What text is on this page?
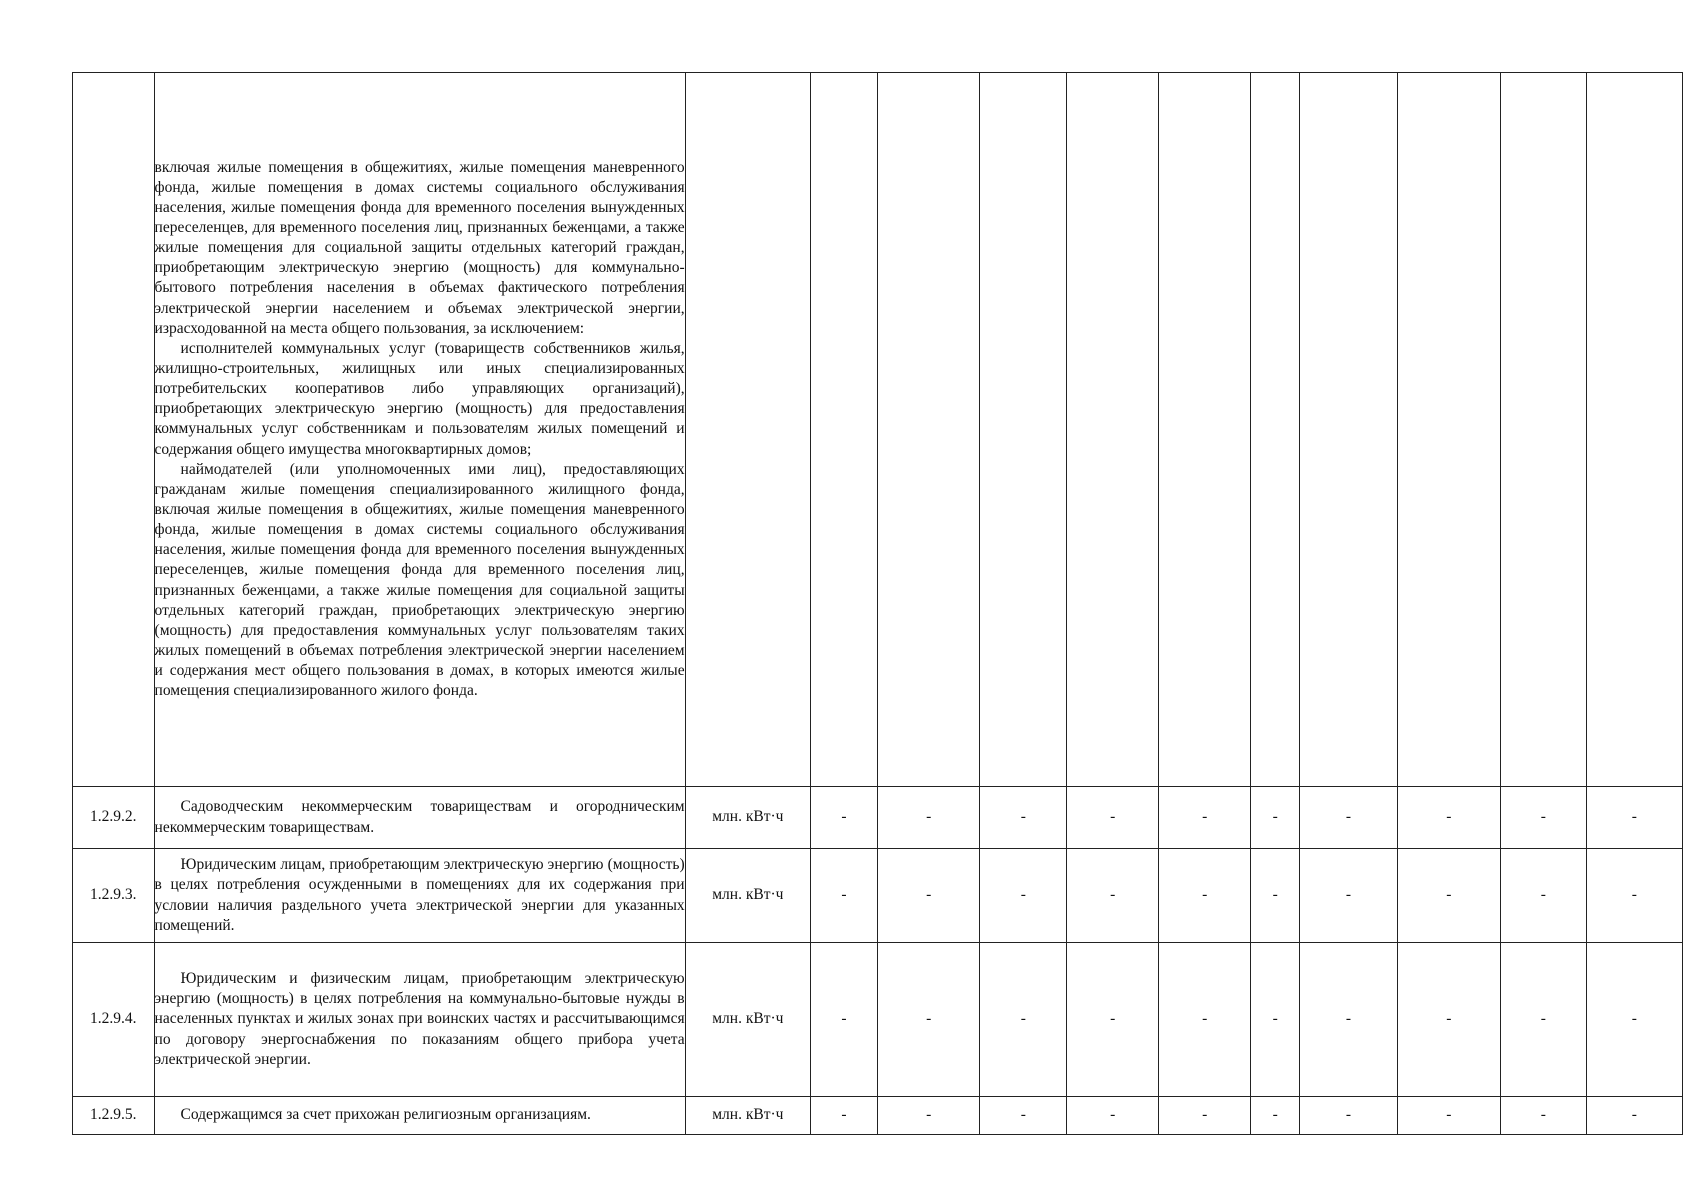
	включая жилые помещения в общежитиях, жилые помещения маневренного фонда, жилые помещения в домах системы социального обслуживания населения, жилые помещения фонда для временного поселения вынужденных переселенцев, для временного поселения лиц, признанных беженцами, а также жилые помещения для социальной защиты отдельных категорий граждан, приобретающим электрическую энергию (мощность) для коммунально-бытового потребления населения в объемах фактического потребления электрической энергии населением и объемах электрической энергии, израсходованной на места общего пользования, за исключением:
исполнителей коммунальных услуг (товариществ собственников жилья, жилищно-строительных, жилищных или иных специализированных потребительских кооперативов либо управляющих организаций), приобретающих электрическую энергию (мощность) для предоставления коммунальных услуг собственникам и пользователям жилых помещений и содержания общего имущества многоквартирных домов;
наймодателей (или уполномоченных ими лиц), предоставляющих гражданам жилые помещения специализированного жилищного фонда, включая жилые помещения в общежитиях, жилые помещения маневренного фонда, жилые помещения в домах системы социального обслуживания населения, жилые помещения фонда для временного поселения вынужденных переселенцев, жилые помещения фонда для временного поселения лиц, признанных беженцами, а также жилые помещения для социальной защиты отдельных категорий граждан, приобретающих электрическую энергию (мощность) для предоставления коммунальных услуг пользователям таких жилых помещений в объемах потребления электрической энергии населением и содержания мест общего пользования в домах, в которых имеются жилые помещения специализированного жилого фонда.											

1.2.9.2.	Садоводческим некоммерческим товариществам и огородническим некоммерческим товариществам.	млн. кВт·ч	-	-	-	-	-	-	-	-	-	-
1.2.9.3.	Юридическим лицам, приобретающим электрическую энергию (мощность) в целях потребления осужденными в помещениях для их содержания при условии наличия раздельного учета электрической энергии для указанных помещений.	млн. кВт·ч	-	-	-	-	-	-	-	-	-	-
1.2.9.4.	Юридическим и физическим лицам, приобретающим электрическую энергию (мощность) в целях потребления на коммунально-бытовые нужды в населенных пунктах и жилых зонах при воинских частях и рассчитывающимся по договору энергоснабжения по показаниям общего прибора учета электрической энергии.	млн. кВт·ч	-	-	-	-	-	-	-	-	-	-
1.2.9.5.	Содержащимся за счет прихожан религиозным организациям.	млн. кВт·ч	-	-	-	-	-	-	-	-	-	-
